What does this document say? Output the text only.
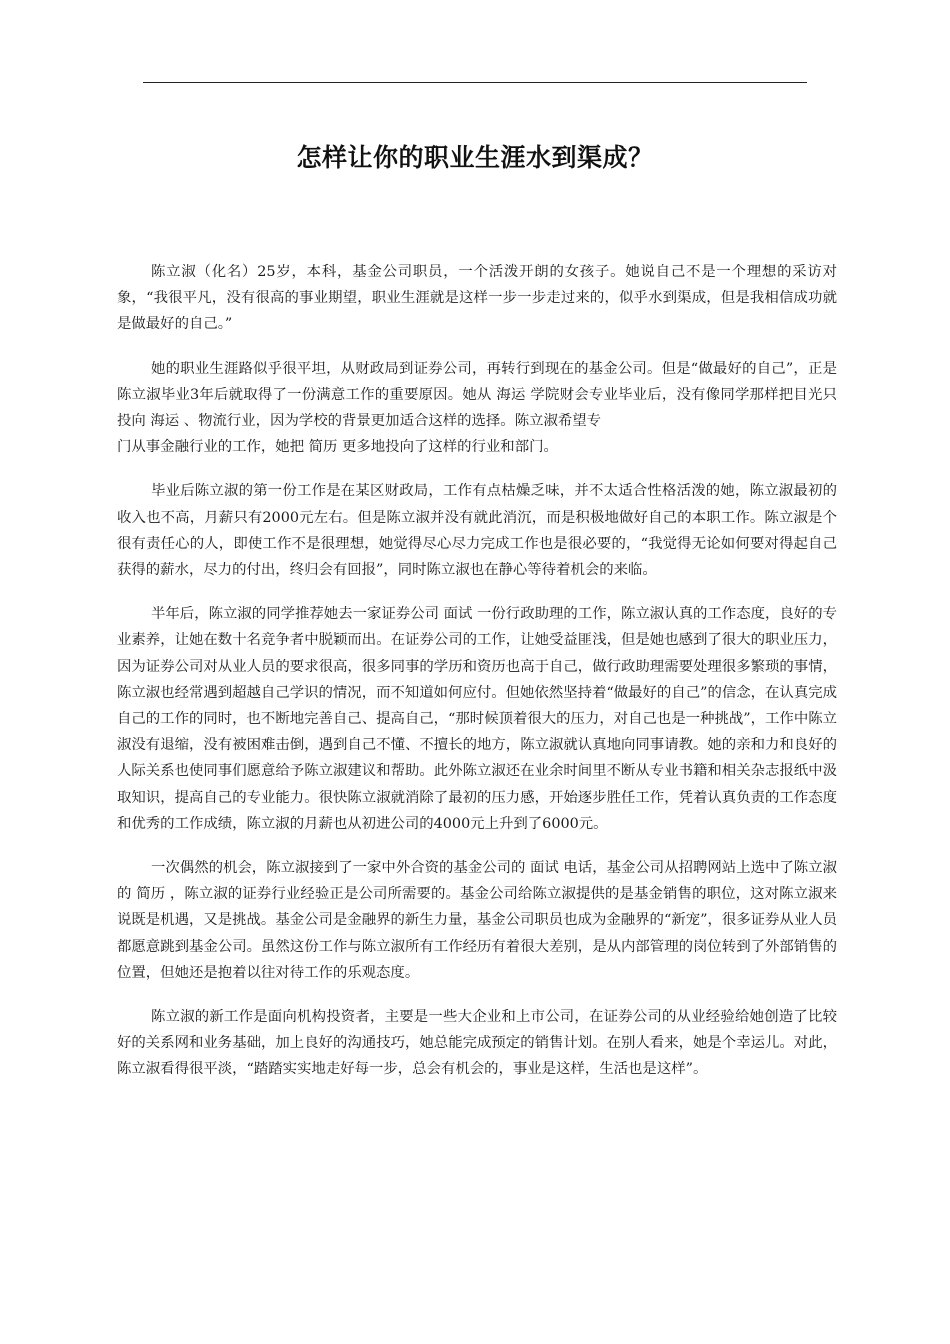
怎样让你的职业生涯水到渠成？

陈立淑（化名）25岁，本科，基金公司职员，一个活泼开朗的女孩子。她说自己不是一个理想的采访对象，“我很平凡，没有很高的事业期望，职业生涯就是这样一步一步走过来的，似乎水到渠成，但是我相信成功就是做最好的自己。”

她的职业生涯路似乎很平坦，从财政局到证券公司，再转行到现在的基金公司。但是“做最好的自己”，正是陈立淑毕业3年后就取得了一份满意工作的重要原因。她从 海运 学院财会专业毕业后，没有像同学那样把目光只投向 海运 、物流行业，因为学校的背景更加适合这样的选择。陈立淑希望专

门从事金融行业的工作，她把 简历 更多地投向了这样的行业和部门。

毕业后陈立淑的第一份工作是在某区财政局，工作有点枯燥乏味，并不太适合性格活泼的她，陈立淑最初的收入也不高，月薪只有2000元左右。但是陈立淑并没有就此消沉，而是积极地做好自己的本职工作。陈立淑是个很有责任心的人，即使工作不是很理想，她觉得尽心尽力完成工作也是很必要的，“我觉得无论如何要对得起自己获得的薪水，尽力的付出，终归会有回报”，同时陈立淑也在静心等待着机会的来临。

半年后，陈立淑的同学推荐她去一家证券公司 面试 一份行政助理的工作，陈立淑认真的工作态度，良好的专业素养，让她在数十名竞争者中脱颖而出。在证券公司的工作，让她受益匪浅，但是她也感到了很大的职业压力，因为证券公司对从业人员的要求很高，很多同事的学历和资历也高于自己，做行政助理需要处理很多繁琐的事情，陈立淑也经常遇到超越自己学识的情况，而不知道如何应付。但她依然坚持着“做最好的自己”的信念，在认真完成自己的工作的同时，也不断地完善自己、提高自己，“那时候顶着很大的压力，对自己也是一种挑战”，工作中陈立淑没有退缩，没有被困难击倒，遇到自己不懂、不擅长的地方，陈立淑就认真地向同事请教。她的亲和力和良好的人际关系也使同事们愿意给予陈立淑建议和帮助。此外陈立淑还在业余时间里不断从专业书籍和相关杂志报纸中汲取知识，提高自己的专业能力。很快陈立淑就消除了最初的压力感，开始逐步胜任工作，凭着认真负责的工作态度和优秀的工作成绩，陈立淑的月薪也从初进公司的4000元上升到了6000元。

一次偶然的机会，陈立淑接到了一家中外合资的基金公司的 面试 电话，基金公司从招聘网站上选中了陈立淑的 简历 ，陈立淑的证券行业经验正是公司所需要的。基金公司给陈立淑提供的是基金销售的职位，这对陈立淑来说既是机遇，又是挑战。基金公司是金融界的新生力量，基金公司职员也成为金融界的“新宠”，很多证券从业人员都愿意跳到基金公司。虽然这份工作与陈立淑所有工作经历有着很大差别，是从内部管理的岗位转到了外部销售的位置，但她还是抱着以往对待工作的乐观态度。

陈立淑的新工作是面向机构投资者，主要是一些大企业和上市公司，在证券公司的从业经验给她创造了比较好的关系网和业务基础，加上良好的沟通技巧，她总能完成预定的销售计划。在别人看来，她是个幸运儿。对此，陈立淑看得很平淡，“踏踏实实地走好每一步，总会有机会的，事业是这样，生活也是这样”。
